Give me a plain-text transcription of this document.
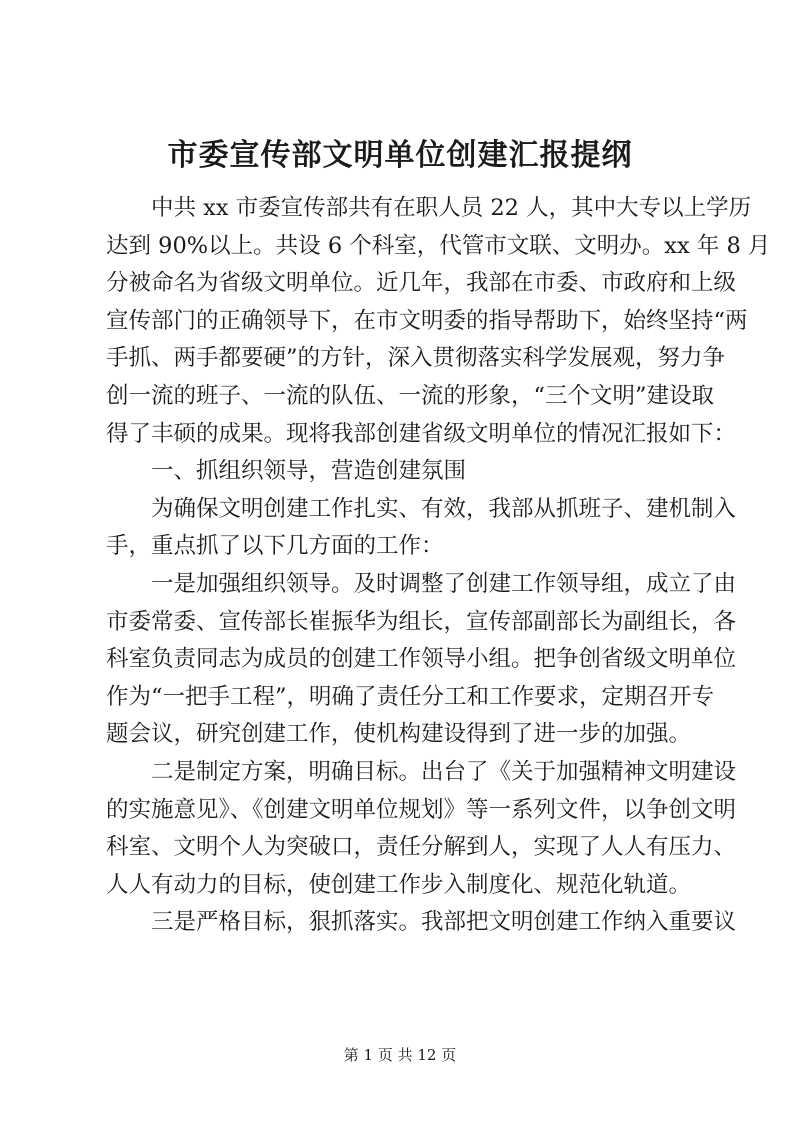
市委宣传部文明单位创建汇报提纲
中共 xx 市委宣传部共有在职人员 22 人，其中大专以上学历
达到 90%以上。共设 6 个科室，代管市文联、文明办。xx 年 8 月
分被命名为省级文明单位。近几年，我部在市委、市政府和上级
宣传部门的正确领导下，在市文明委的指导帮助下，始终坚持“两
手抓、两手都要硬”的方针，深入贯彻落实科学发展观，努力争
创一流的班子、一流的队伍、一流的形象，“三个文明”建设取
得了丰硕的成果。现将我部创建省级文明单位的情况汇报如下：
一、抓组织领导，营造创建氛围
为确保文明创建工作扎实、有效，我部从抓班子、建机制入
手，重点抓了以下几方面的工作：
一是加强组织领导。及时调整了创建工作领导组，成立了由
市委常委、宣传部长崔振华为组长，宣传部副部长为副组长，各
科室负责同志为成员的创建工作领导小组。把争创省级文明单位
作为“一把手工程”，明确了责任分工和工作要求，定期召开专
题会议，研究创建工作，使机构建设得到了进一步的加强。
二是制定方案，明确目标。出台了《关于加强精神文明建设
的实施意见》、《创建文明单位规划》等一系列文件，以争创文明
科室、文明个人为突破口，责任分解到人，实现了人人有压力、
人人有动力的目标，使创建工作步入制度化、规范化轨道。
三是严格目标，狠抓落实。我部把文明创建工作纳入重要议
第 1 页 共 12 页
